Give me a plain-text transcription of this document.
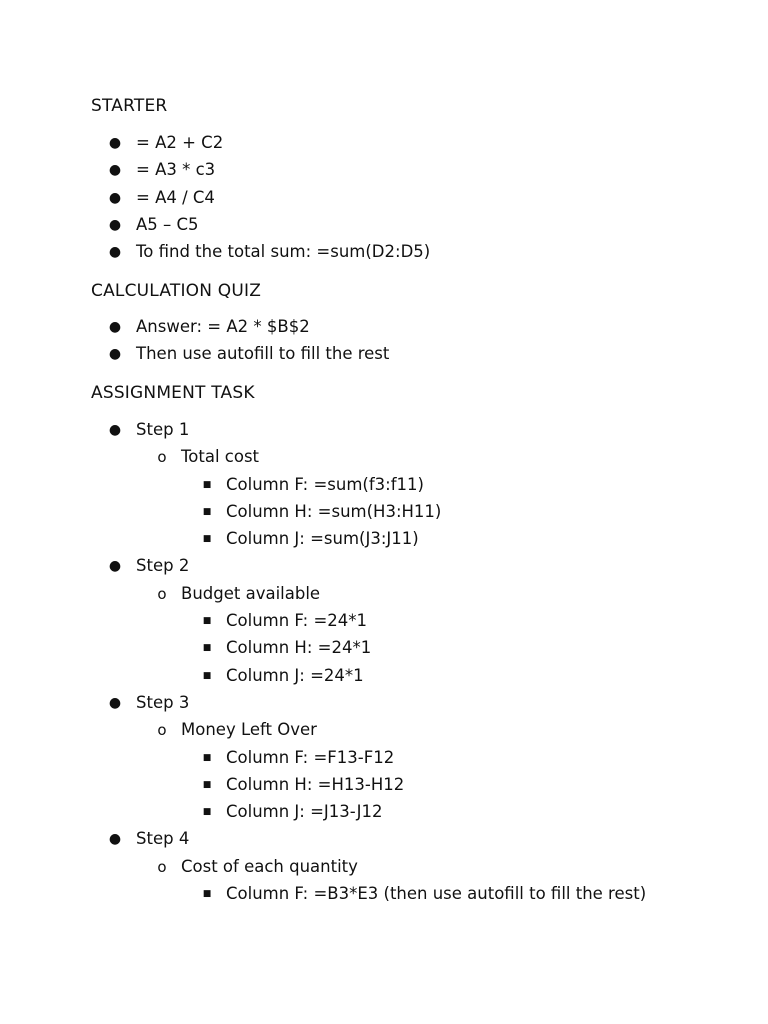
STARTER
● = A2 + C2
● = A3 * c3
● = A4 / C4
● A5 – C5
● To find the total sum: =sum(D2:D5)
CALCULATION QUIZ
● Answer: = A2 * $B$2
● Then use autofill to fill the rest
ASSIGNMENT TASK
● Step 1
o Total cost
■ Column F: =sum(f3:f11)
■ Column H: =sum(H3:H11)
■ Column J: =sum(J3:J11)
● Step 2
o Budget available
■ Column F: =24*1
■ Column H: =24*1
■ Column J: =24*1
● Step 3
o Money Left Over
■ Column F: =F13-F12
■ Column H: =H13-H12
■ Column J: =J13-J12
● Step 4
o Cost of each quantity
■ Column F: =B3*E3 (then use autofill to fill the rest)
